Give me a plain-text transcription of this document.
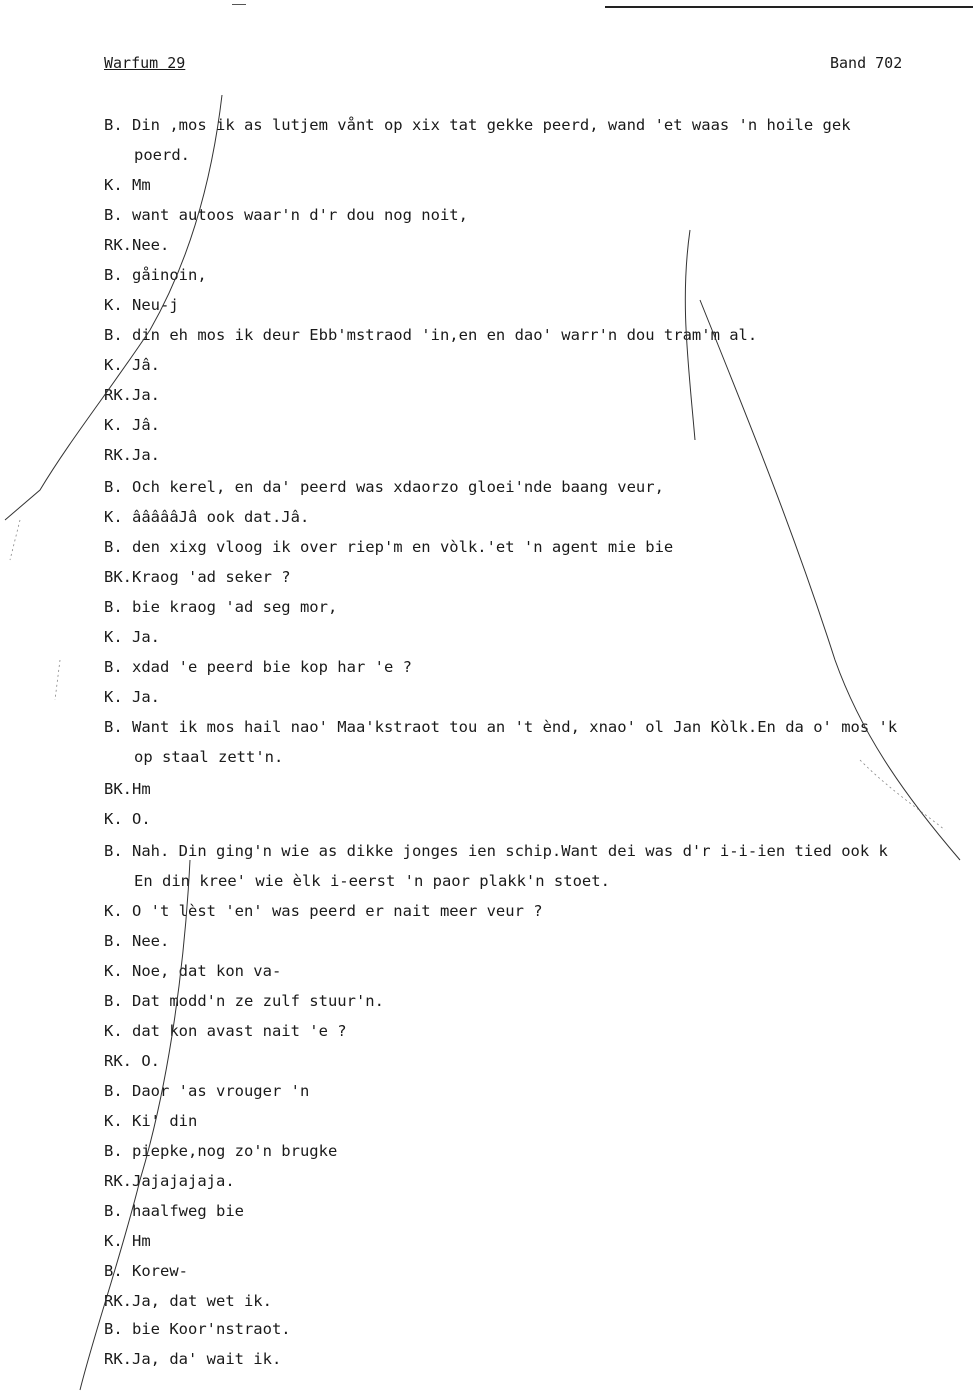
Warfum 29	Band 702
B. Din ,mos ik as lutjem vånt op xix tat gekke peerd, wand 'et waas 'n hoile gek
poerd.
K. Mm
B. want autoos waar'n d'r dou nog noit,
RK.Nee.
B. gåinoin,
K. Neu-j
B. din eh mos ik deur Ebb'mstraod 'in,en en dao' warr'n dou tram'm al.
K. Jâ.
RK.Ja.
K. Jâ.
RK.Ja.
B. Och kerel, en da' peerd was xdaorzo gloei'nde baang veur,
K. âââââJâ ook dat.Jâ.
B. den xixg vloog ik over riep'm en vòlk.'et 'n agent mie bie
BK.Kraog 'ad seker ?
B. bie kraog 'ad seg mor,
K. Ja.
B. xdad 'e peerd bie kop har 'e ?
K. Ja.
B. Want ik mos hail nao' Maa'kstraot tou an 't ènd, xnao' ol Jan Kòlk.En da o' mos 'k
op staal zett'n.
BK.Hm
K. O.
B. Nah. Din ging'n wie as dikke jonges ien schip.Want dei was d'r i-i-ien tied ook k
En din kree' wie èlk i-eerst 'n paor plakk'n stoet.
K. O 't lèst 'en' was peerd er nait meer veur ?
B. Nee.
K. Noe, dat kon va-
B. Dat modd'n ze zulf stuur'n.
K. dat kon avast nait 'e ?
RK. O.
B. Daor 'as vrouger 'n
K. Ki' din
B. piepke,nog zo'n brugke
RK.Jajajajaja.
B. haalfweg bie
K. Hm
B. Korew-
RK.Ja, dat wet ik.
B. bie Koor'nstraot.
RK.Ja, da' wait ik.
